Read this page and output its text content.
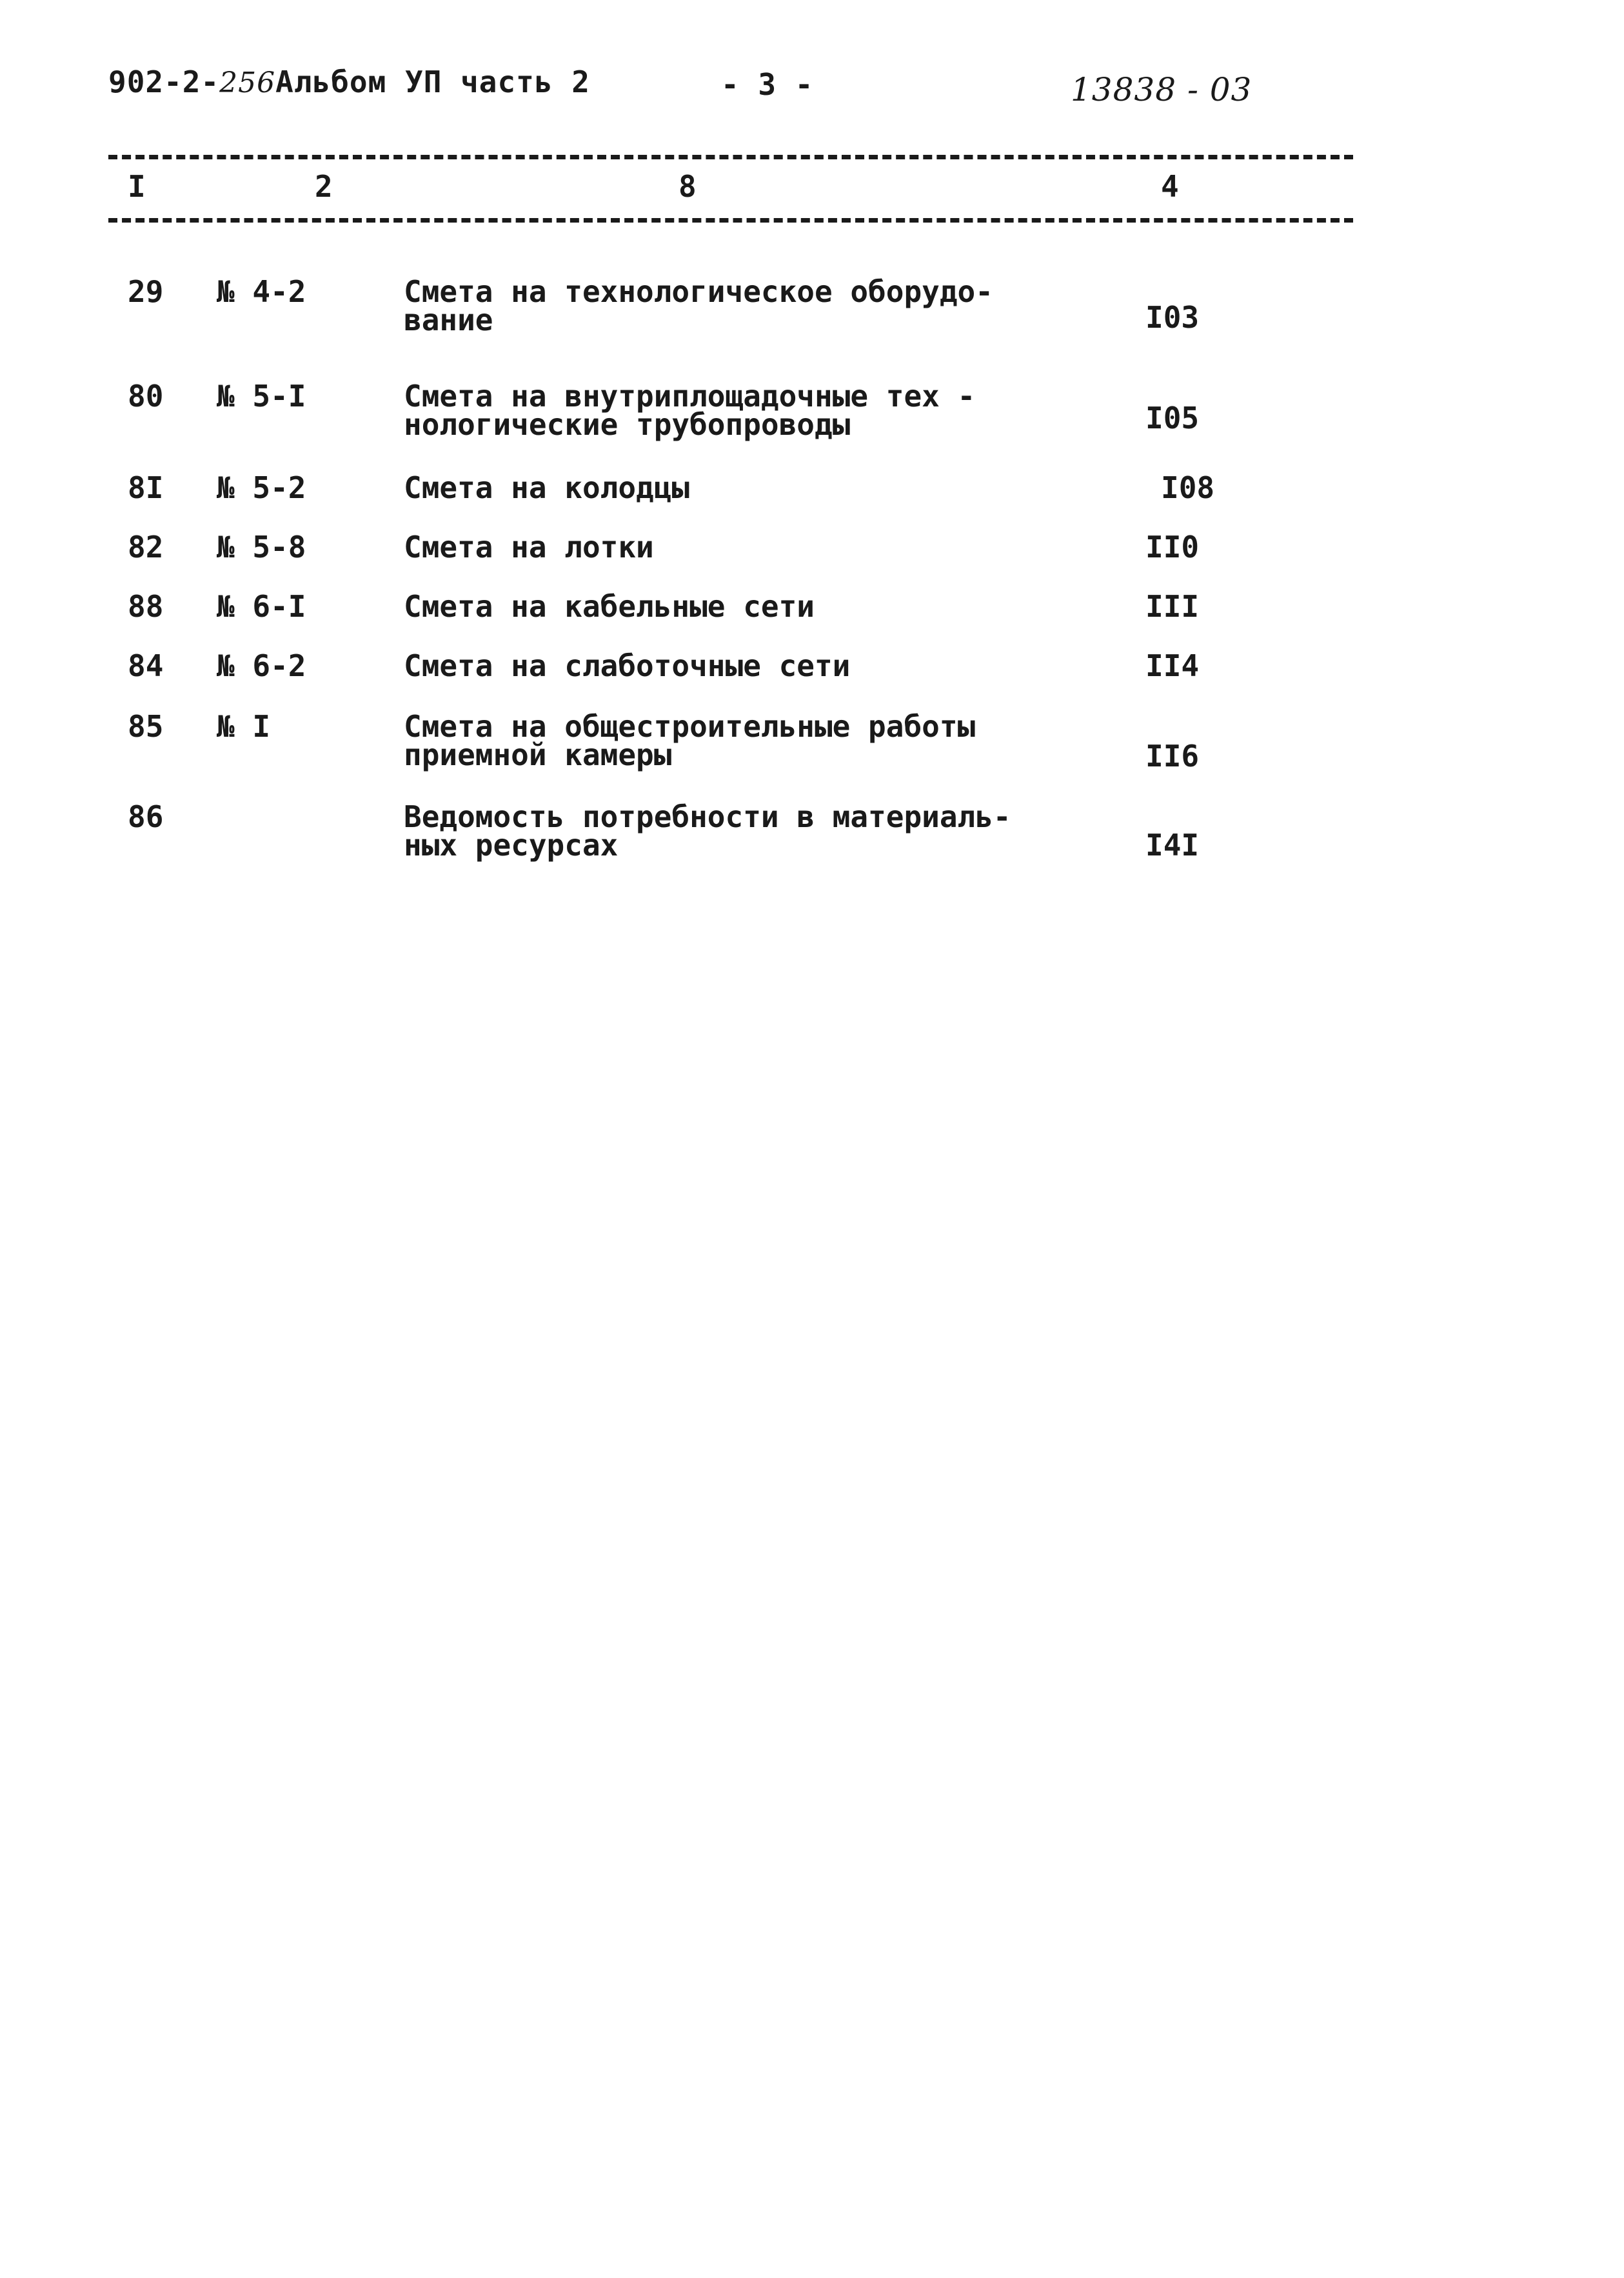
902-2-256Альбом УП часть 2	- 3 -	13838 - 03
I	2	8	4
29 № 4-2	Смета на технологическое оборудо-
вание	I03
80 № 5-I	Смета на внутриплощадочные тех -
нологические трубопроводы	I05
8I № 5-2	Смета на колодцы	I08
82 № 5-8	Смета на лотки	II0
88 № 6-I	Смета на кабельные сети	III
84 № 6-2	Смета на слаботочные сети	II4
85 № I	Смета на общестроительные работы
приемной камеры	II6
86	Ведомость потребности в материаль-
ных ресурсах	I4I
